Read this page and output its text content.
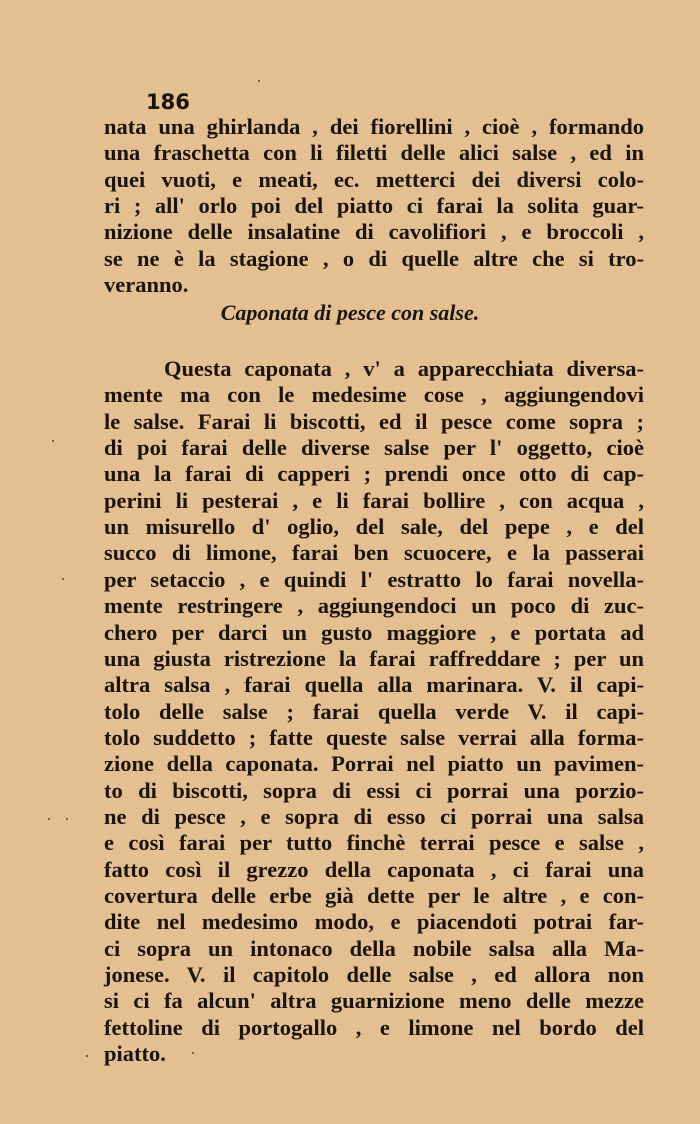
186
nata una ghirlanda , dei fiorellini , cioè , formando
una fraschetta con li filetti delle alici salse , ed in
quei vuoti, e meati, ec. metterci dei diversi colo-
ri ; all' orlo poi del piatto ci farai la solita guar-
nizione delle insalatine di cavolifiori , e broccoli ,
se ne è la stagione , o di quelle altre che si tro-
veranno.
Caponata di pesce con salse.
Questa caponata , v' a apparecchiata diversa-
mente ma con le medesime cose , aggiungendovi
le salse. Farai li biscotti, ed il pesce come sopra ;
di poi farai delle diverse salse per l' oggetto, cioè
una la farai di capperi ; prendi once otto di cap-
perini li pesterai , e li farai bollire , con acqua ,
un misurello d' oglio, del sale, del pepe , e del
succo di limone, farai ben scuocere, e la passerai
per setaccio , e quindi l' estratto lo farai novella-
mente restringere , aggiungendoci un poco di zuc-
chero per darci un gusto maggiore , e portata ad
una giusta ristrezione la farai raffreddare ; per un
altra salsa , farai quella alla marinara. V. il capi-
tolo delle salse ; farai quella verde V. il capi-
tolo suddetto ; fatte queste salse verrai alla forma-
zione della caponata. Porrai nel piatto un pavimen-
to di biscotti, sopra di essi ci porrai una porzio-
ne di pesce , e sopra di esso ci porrai una salsa
e così farai per tutto finchè terrai pesce e salse ,
fatto così il grezzo della caponata , ci farai una
covertura delle erbe già dette per le altre , e con-
dite nel medesimo modo, e piacendoti potrai far-
ci sopra un intonaco della nobile salsa alla Ma-
jonese. V. il capitolo delle salse , ed allora non
si ci fa alcun' altra guarnizione meno delle mezze
fettoline di portogallo , e limone nel bordo del
piatto.
